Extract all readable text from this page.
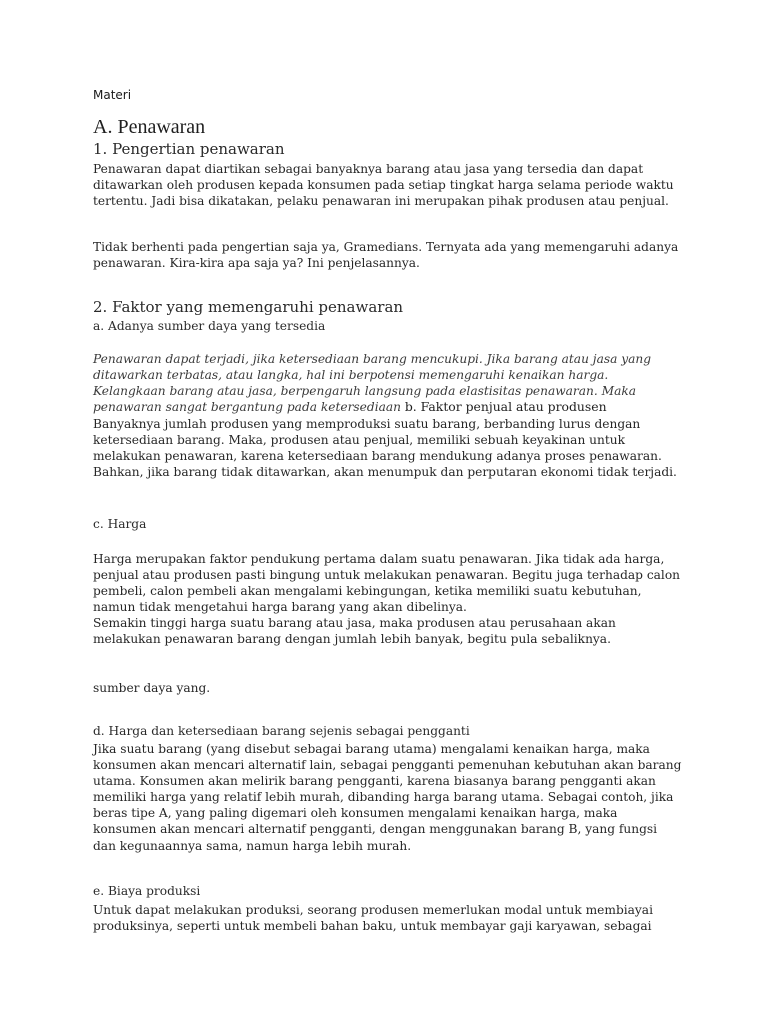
Materi
A. Penawaran
1. Pengertian penawaran
Penawaran dapat diartikan sebagai banyaknya barang atau jasa yang tersedia dan dapat
ditawarkan oleh produsen kepada konsumen pada setiap tingkat harga selama periode waktu
tertentu. Jadi bisa dikatakan, pelaku penawaran ini merupakan pihak produsen atau penjual.
Tidak berhenti pada pengertian saja ya, Gramedians. Ternyata ada yang memengaruhi adanya
penawaran. Kira-kira apa saja ya? Ini penjelasannya.
2. Faktor yang memengaruhi penawaran
a. Adanya sumber daya yang tersedia
Penawaran dapat terjadi, jika ketersediaan barang mencukupi. Jika barang atau jasa yang
ditawarkan terbatas, atau langka, hal ini berpotensi memengaruhi kenaikan harga.
Kelangkaan barang atau jasa, berpengaruh langsung pada elastisitas penawaran. Maka
penawaran sangat bergantung pada ketersediaan b. Faktor penjual atau produsen
Banyaknya jumlah produsen yang memproduksi suatu barang, berbanding lurus dengan
ketersediaan barang. Maka, produsen atau penjual, memiliki sebuah keyakinan untuk
melakukan penawaran, karena ketersediaan barang mendukung adanya proses penawaran.
Bahkan, jika barang tidak ditawarkan, akan menumpuk dan perputaran ekonomi tidak terjadi.
c. Harga
Harga merupakan faktor pendukung pertama dalam suatu penawaran. Jika tidak ada harga,
penjual atau produsen pasti bingung untuk melakukan penawaran. Begitu juga terhadap calon
pembeli, calon pembeli akan mengalami kebingungan, ketika memiliki suatu kebutuhan,
namun tidak mengetahui harga barang yang akan dibelinya.
Semakin tinggi harga suatu barang atau jasa, maka produsen atau perusahaan akan
melakukan penawaran barang dengan jumlah lebih banyak, begitu pula sebaliknya.
sumber daya yang.
d. Harga dan ketersediaan barang sejenis sebagai pengganti
Jika suatu barang (yang disebut sebagai barang utama) mengalami kenaikan harga, maka
konsumen akan mencari alternatif lain, sebagai pengganti pemenuhan kebutuhan akan barang
utama. Konsumen akan melirik barang pengganti, karena biasanya barang pengganti akan
memiliki harga yang relatif lebih murah, dibanding harga barang utama. Sebagai contoh, jika
beras tipe A, yang paling digemari oleh konsumen mengalami kenaikan harga, maka
konsumen akan mencari alternatif pengganti, dengan menggunakan barang B, yang fungsi
dan kegunaannya sama, namun harga lebih murah.
e. Biaya produksi
Untuk dapat melakukan produksi, seorang produsen memerlukan modal untuk membiayai
produksinya, seperti untuk membeli bahan baku, untuk membayar gaji karyawan, sebagai
